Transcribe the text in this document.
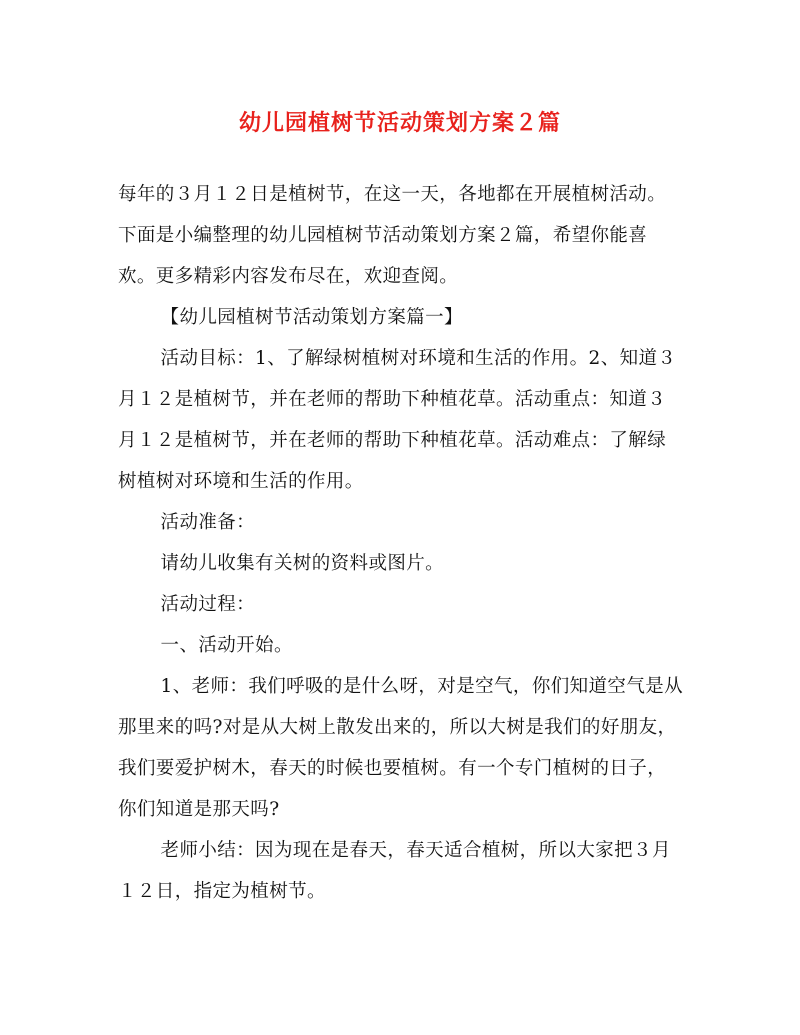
幼儿园植树节活动策划方案２篇

每年的３月１２日是植树节，在这一天，各地都在开展植树活动。下面是小编整理的幼儿园植树节活动策划方案２篇，希望你能喜欢。更多精彩内容发布尽在，欢迎查阅。

【幼儿园植树节活动策划方案篇一】

活动目标：1、了解绿树植树对环境和生活的作用。2、知道３月１２是植树节，并在老师的帮助下种植花草。活动重点：知道３月１２是植树节，并在老师的帮助下种植花草。活动难点：了解绿树植树对环境和生活的作用。

活动准备：

请幼儿收集有关树的资料或图片。

活动过程：

一、活动开始。

1、老师：我们呼吸的是什么呀，对是空气，你们知道空气是从那里来的吗?对是从大树上散发出来的，所以大树是我们的好朋友，我们要爱护树木，春天的时候也要植树。有一个专门植树的日子，你们知道是那天吗?

老师小结：因为现在是春天，春天适合植树，所以大家把３月１２日，指定为植树节。
